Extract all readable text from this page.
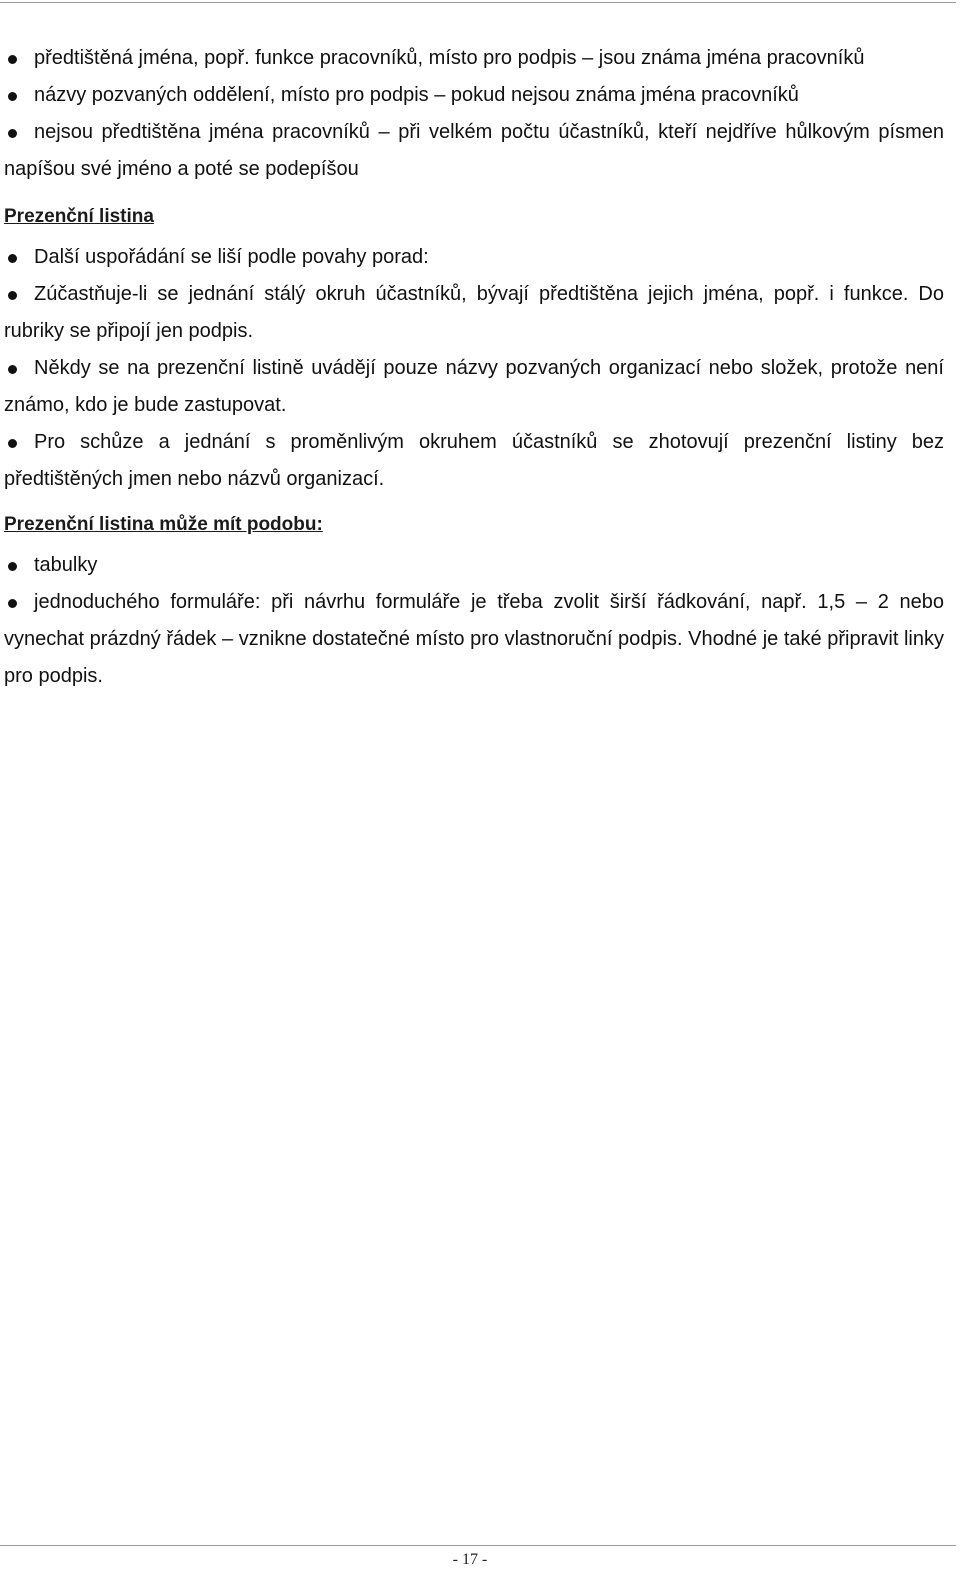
předtištěná jména, popř. funkce pracovníků, místo pro podpis – jsou známa jména pracovníků
názvy pozvaných oddělení, místo pro podpis – pokud nejsou známa jména pracovníků
nejsou předtištěna jména pracovníků – při velkém počtu účastníků, kteří nejdříve hůlkovým písmen napíšou své jméno a poté se podepíšou
Prezenční listina
Další uspořádání se liší podle povahy porad:
Zúčastňuje-li se jednání stálý okruh účastníků, bývají předtištěna jejich jména, popř. i funkce. Do rubriky se připojí jen podpis.
Někdy se na prezenční listině uvádějí pouze názvy pozvaných organizací nebo složek, protože není známo, kdo je bude zastupovat.
Pro schůze a jednání s proměnlivým okruhem účastníků se zhotovují prezenční listiny bez předtištěných jmen nebo názvů organizací.
Prezenční listina může mít podobu:
tabulky
jednoduchého formuláře: při návrhu formuláře je třeba zvolit širší řádkování, např. 1,5 – 2 nebo vynechat prázdný řádek – vznikne dostatečné místo pro vlastnoruční podpis. Vhodné je také připravit linky pro podpis.
- 17 -
